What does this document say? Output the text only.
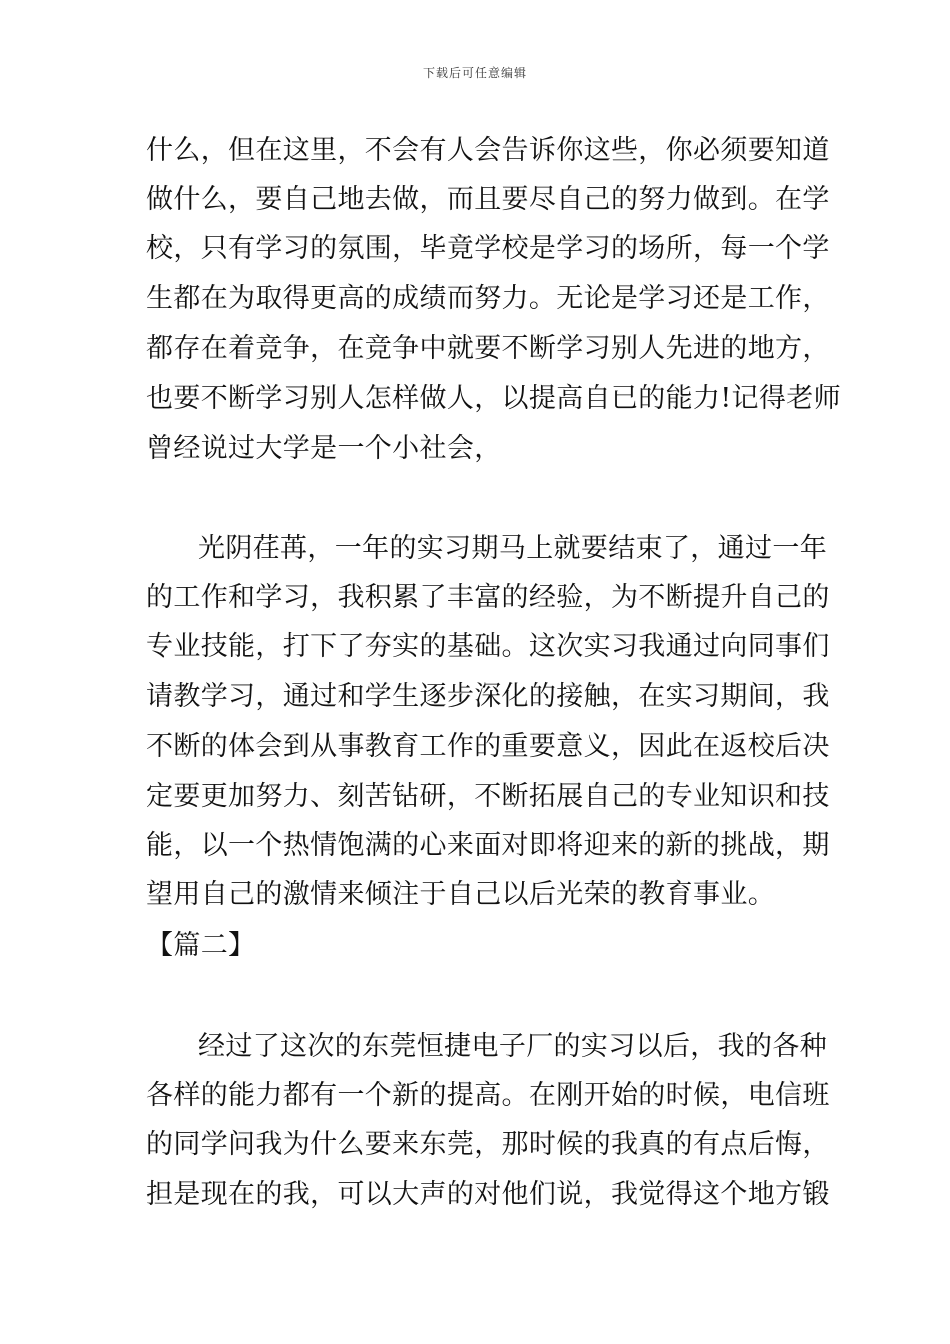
下载后可任意编辑
什么，但在这里，不会有人会告诉你这些，你必须要知道
做什么，要自己地去做，而且要尽自己的努力做到。在学
校，只有学习的氛围，毕竟学校是学习的场所，每一个学
生都在为取得更高的成绩而努力。无论是学习还是工作，
都存在着竞争，在竞争中就要不断学习别人先进的地方，
也要不断学习别人怎样做人，以提高自已的能力!记得老师
曾经说过大学是一个小社会，
光阴荏苒，一年的实习期马上就要结束了，通过一年
的工作和学习，我积累了丰富的经验，为不断提升自己的
专业技能，打下了夯实的基础。这次实习我通过向同事们
请教学习，通过和学生逐步深化的接触，在实习期间，我
不断的体会到从事教育工作的重要意义，因此在返校后决
定要更加努力、刻苦钻研，不断拓展自己的专业知识和技
能，以一个热情饱满的心来面对即将迎来的新的挑战，期
望用自己的激情来倾注于自己以后光荣的教育事业。
【篇二】
经过了这次的东莞恒捷电子厂的实习以后，我的各种
各样的能力都有一个新的提高。在刚开始的时候，电信班
的同学问我为什么要来东莞，那时候的我真的有点后悔，
担是现在的我，可以大声的对他们说，我觉得这个地方锻
